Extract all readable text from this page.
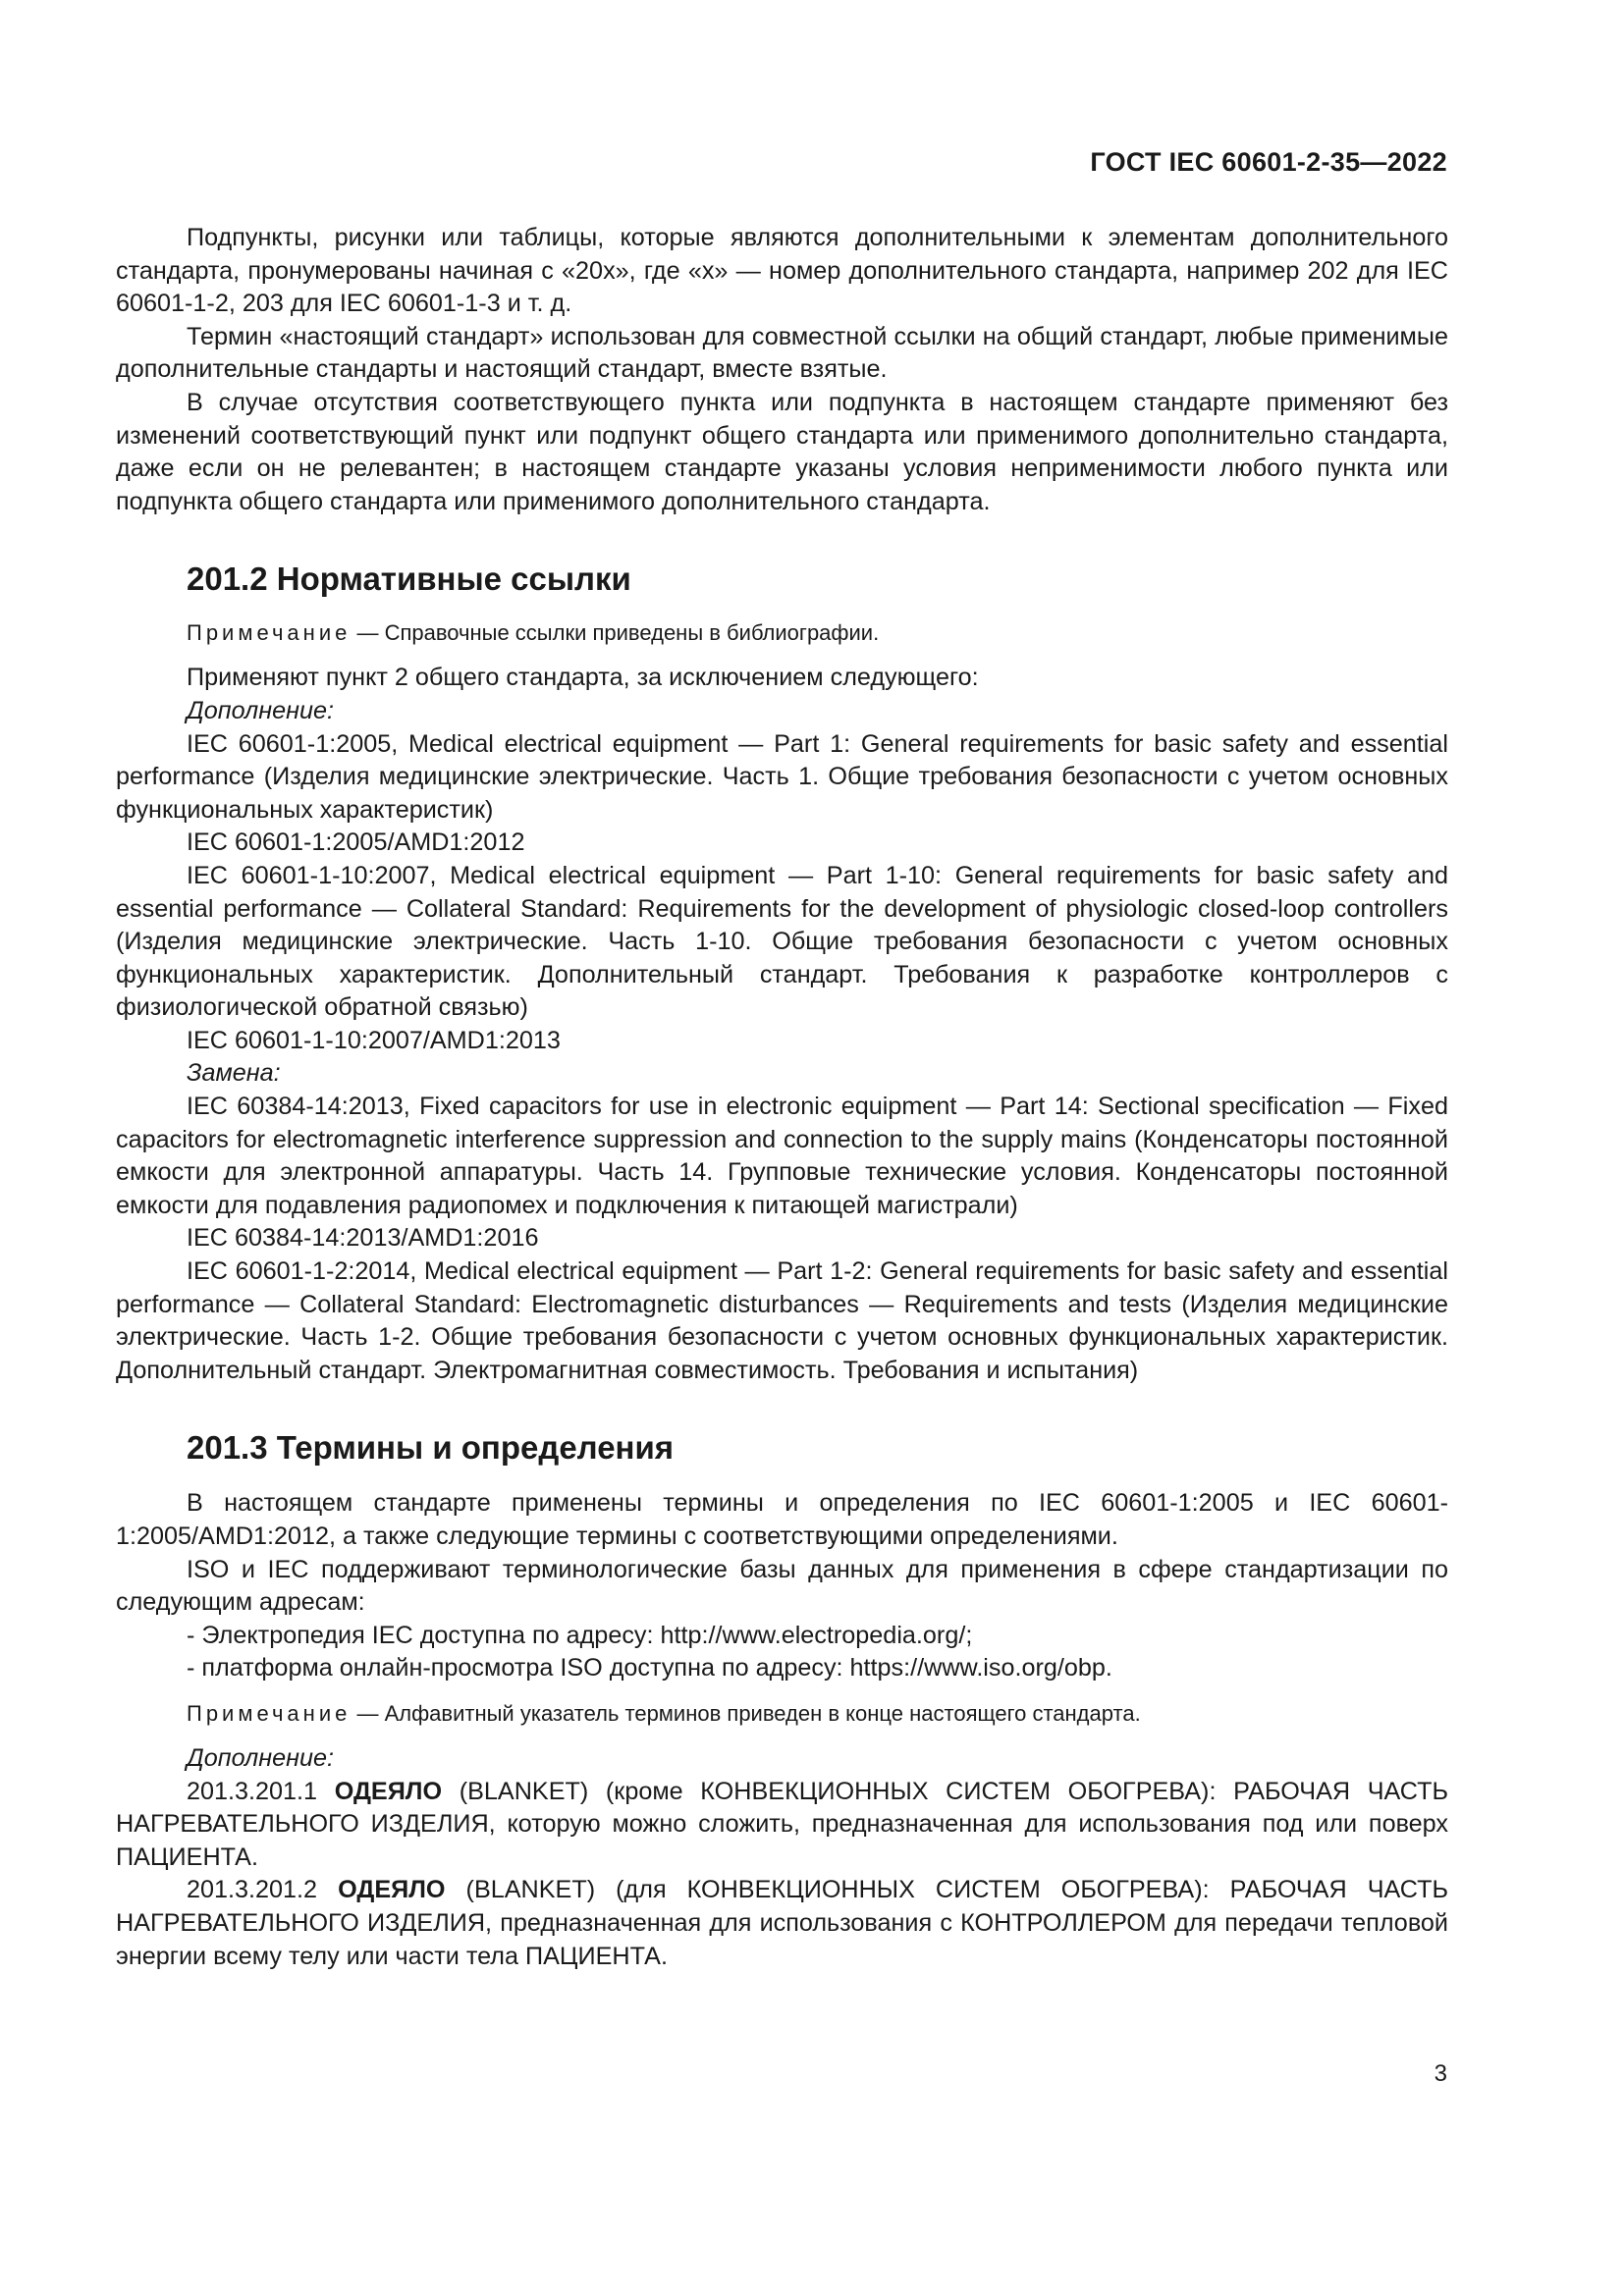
ГОСТ IEC 60601-2-35—2022

Подпункты, рисунки или таблицы, которые являются дополнительными к элементам дополнительного стандарта, пронумерованы начиная с «20х», где «х» — номер дополнительного стандарта, например 202 для IEC 60601-1-2, 203 для IEC 60601-1-3 и т. д.

Термин «настоящий стандарт» использован для совместной ссылки на общий стандарт, любые применимые дополнительные стандарты и настоящий стандарт, вместе взятые.

В случае отсутствия соответствующего пункта или подпункта в настоящем стандарте применяют без изменений соответствующий пункт или подпункт общего стандарта или применимого дополнительно стандарта, даже если он не релевантен; в настоящем стандарте указаны условия неприменимости любого пункта или подпункта общего стандарта или применимого дополнительного стандарта.

201.2 Нормативные ссылки
Примечание — Справочные ссылки приведены в библиографии.

Применяют пункт 2 общего стандарта, за исключением следующего:

Дополнение:

IEC 60601-1:2005, Medical electrical equipment — Part 1: General requirements for basic safety and essential performance (Изделия медицинские электрические. Часть 1. Общие требования безопасности с учетом основных функциональных характеристик)

IEC 60601-1:2005/AMD1:2012

IEC 60601-1-10:2007, Medical electrical equipment — Part 1-10: General requirements for basic safety and essential performance — Collateral Standard: Requirements for the development of physiologic closed-loop controllers (Изделия медицинские электрические. Часть 1-10. Общие требования безопасности с учетом основных функциональных характеристик. Дополнительный стандарт. Требования к разработке контроллеров с физиологической обратной связью)

IEC 60601-1-10:2007/AMD1:2013

Замена:

IEC 60384-14:2013, Fixed capacitors for use in electronic equipment — Part 14: Sectional specification — Fixed capacitors for electromagnetic interference suppression and connection to the supply mains (Конденсаторы постоянной емкости для электронной аппаратуры. Часть 14. Групповые технические условия. Конденсаторы постоянной емкости для подавления радиопомех и подключения к питающей магистрали)

IEC 60384-14:2013/AMD1:2016

IEC 60601-1-2:2014, Medical electrical equipment — Part 1-2: General requirements for basic safety and essential performance — Collateral Standard: Electromagnetic disturbances — Requirements and tests (Изделия медицинские электрические. Часть 1-2. Общие требования безопасности с учетом основных функциональных характеристик. Дополнительный стандарт. Электромагнитная совместимость. Требования и испытания)

201.3 Термины и определения

В настоящем стандарте применены термины и определения по IEC 60601-1:2005 и IEC 60601-1:2005/AMD1:2012, а также следующие термины с соответствующими определениями.

ISO и IEC поддерживают терминологические базы данных для применения в сфере стандартизации по следующим адресам:

- Электропедия IEC доступна по адресу: http://www.electropedia.org/;

- платформа онлайн-просмотра ISO доступна по адресу: https://www.iso.org/obp.

Примечание — Алфавитный указатель терминов приведен в конце настоящего стандарта.

Дополнение:

201.3.201.1 ОДЕЯЛО (BLANKET) (кроме КОНВЕКЦИОННЫХ СИСТЕМ ОБОГРЕВА): РАБОЧАЯ ЧАСТЬ НАГРЕВАТЕЛЬНОГО ИЗДЕЛИЯ, которую можно сложить, предназначенная для использования под или поверх ПАЦИЕНТА.

201.3.201.2 ОДЕЯЛО (BLANKET) (для КОНВЕКЦИОННЫХ СИСТЕМ ОБОГРЕВА): РАБОЧАЯ ЧАСТЬ НАГРЕВАТЕЛЬНОГО ИЗДЕЛИЯ, предназначенная для использования с КОНТРОЛЛЕРОМ для передачи тепловой энергии всему телу или части тела ПАЦИЕНТА.

3
